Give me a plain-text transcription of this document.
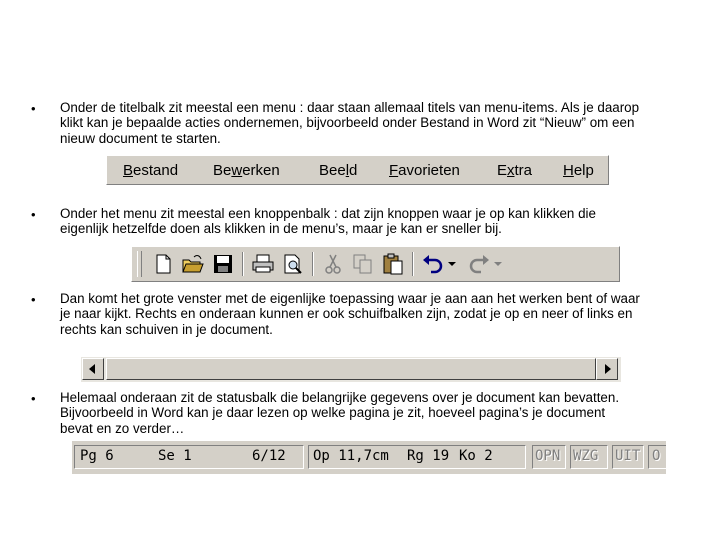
• Onder de titelbalk zit meestal een menu : daar staan allemaal titels van menu-items. Als je daarop klikt kan je bepaalde acties ondernemen, bijvoorbeeld onder Bestand in Word zit “Nieuw” om een nieuw document te starten.
Bestand Bewerken	Beeld Favorieten Extra Help
• Onder het menu zit meestal een knoppenbalk : dat zijn knoppen waar je op kan klikken die eigenlijk hetzelfde doen als klikken in de menu’s, maar je kan er sneller bij.
• Dan komt het grote venster met de eigenlijke toepassing waar je aan aan het werken bent of waar je naar kijkt. Rechts en onderaan kunnen er ook schuifbalken zijn, zodat je op en neer of links en rechts kan schuiven in je document.
• Helemaal onderaan zit de statusbalk die belangrijke gegevens over je document kan bevatten. Bijvoorbeeld in Word kan je daar lezen op welke pagina je zit, hoeveel pagina’s je document bevat en zo verder…
Pg 6	Se 1	6/12 Op 11,7cm Rg 19 Ko 2	OPN WZG UIT O
